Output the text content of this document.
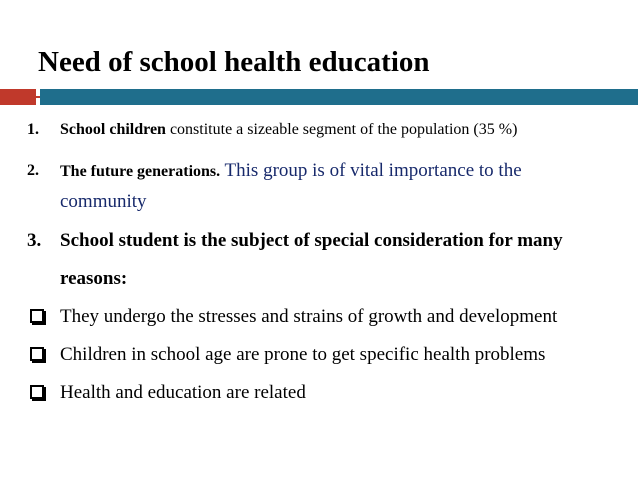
Need of school health education
1. School children constitute a sizeable segment of the population (35 %)
2. The future generations. This group is of vital importance to the
community
3. School student is the subject of special consideration for many
reasons:
They undergo the stresses and strains of growth and development
Children in school age are prone to get specific health problems
Health and education are related
